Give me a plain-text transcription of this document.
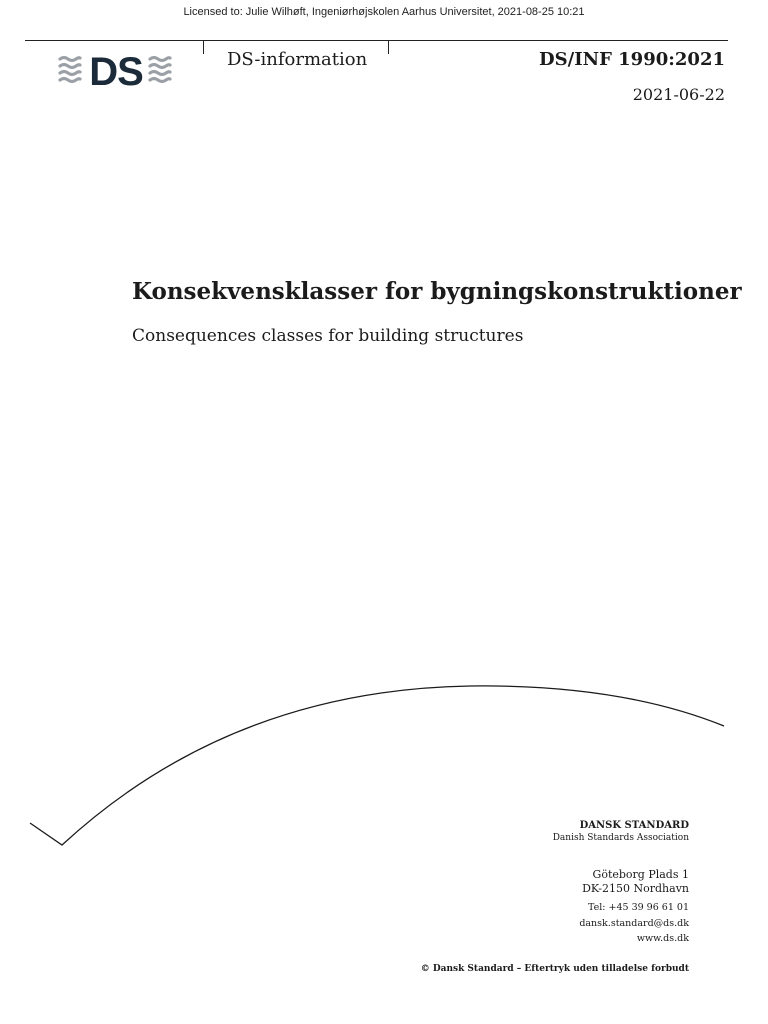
Licensed to: Julie Wilhøft, Ingeniørhøjskolen Aarhus Universitet, 2021-08-25 10:21
DS	DS-information	DS/INF 1990:2021
2021-06-22
Konsekvensklasser for bygningskonstruktioner
Consequences classes for building structures
DANSK STANDARD
Danish Standards Association
Göteborg Plads 1
DK-2150 Nordhavn
Tel: +45 39 96 61 01
dansk.standard@ds.dk
www.ds.dk
© Dansk Standard – Eftertryk uden tilladelse forbudt
